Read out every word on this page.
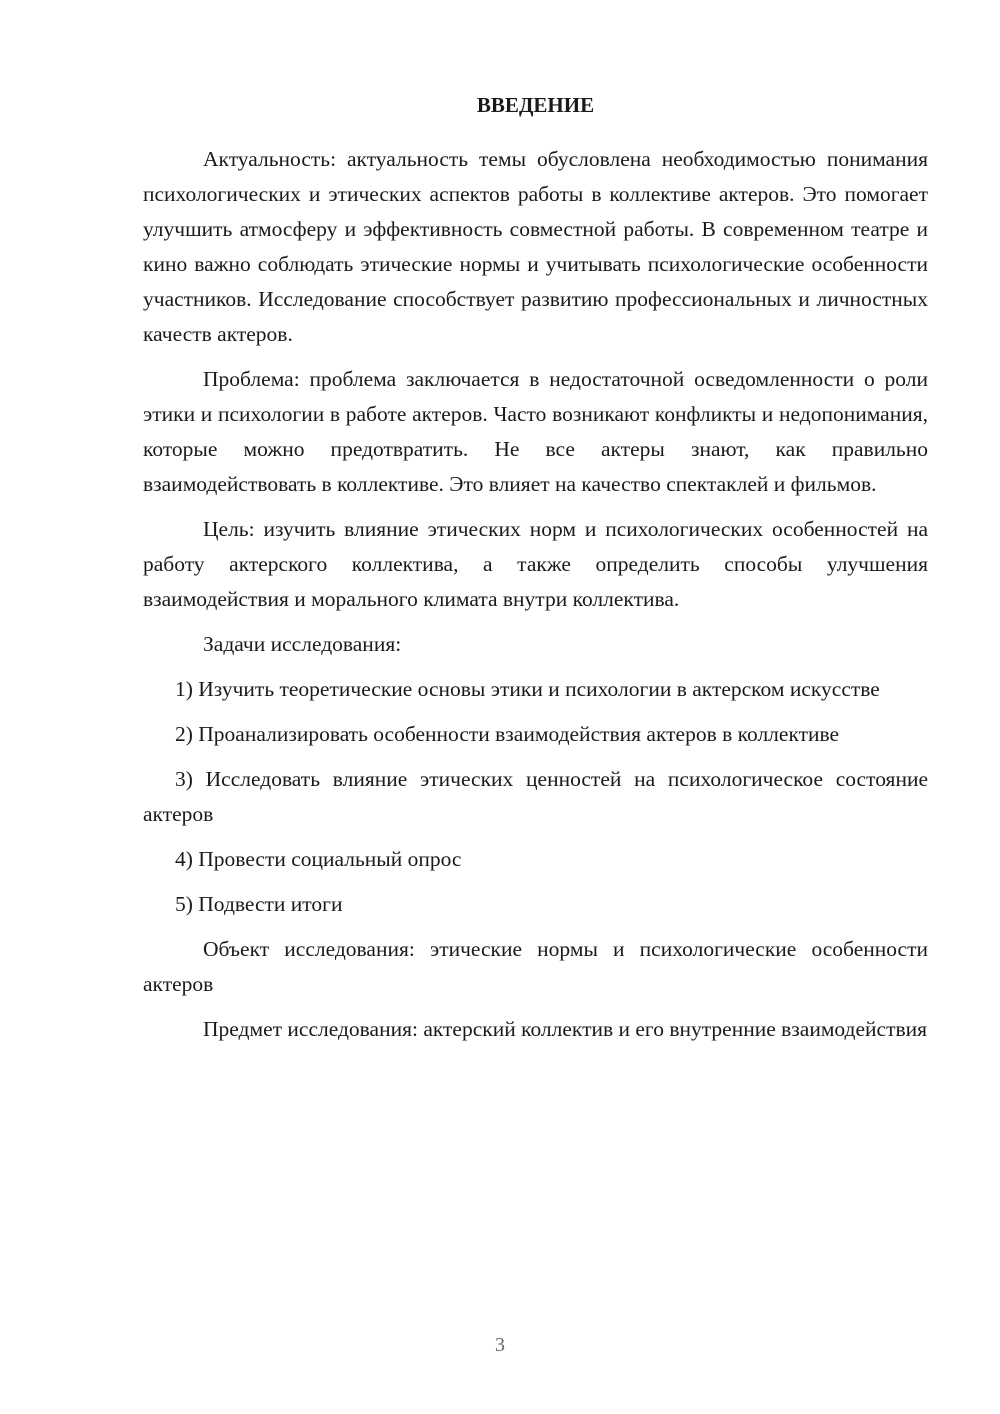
ВВЕДЕНИЕ

Актуальность: актуальность темы обусловлена необходимостью понимания психологических и этических аспектов работы в коллективе актеров. Это помогает улучшить атмосферу и эффективность совместной работы. В современном театре и кино важно соблюдать этические нормы и учитывать психологические особенности участников. Исследование способствует развитию профессиональных и личностных качеств актеров.

Проблема: проблема заключается в недостаточной осведомленности о роли этики и психологии в работе актеров. Часто возникают конфликты и недопонимания, которые можно предотвратить. Не все актеры знают, как правильно взаимодействовать в коллективе. Это влияет на качество спектаклей и фильмов.

Цель: изучить влияние этических норм и психологических особенностей на работу актерского коллектива, а также определить способы улучшения взаимодействия и морального климата внутри коллектива.

Задачи исследования:

1) Изучить теоретические основы этики и психологии в актерском искусстве

2) Проанализировать особенности взаимодействия актеров в коллективе

3) Исследовать влияние этических ценностей на психологическое состояние актеров

4) Провести социальный опрос

5) Подвести итоги

Объект исследования: этические нормы и психологические особенности актеров

Предмет исследования: актерский коллектив и его внутренние взаимодействия

3
